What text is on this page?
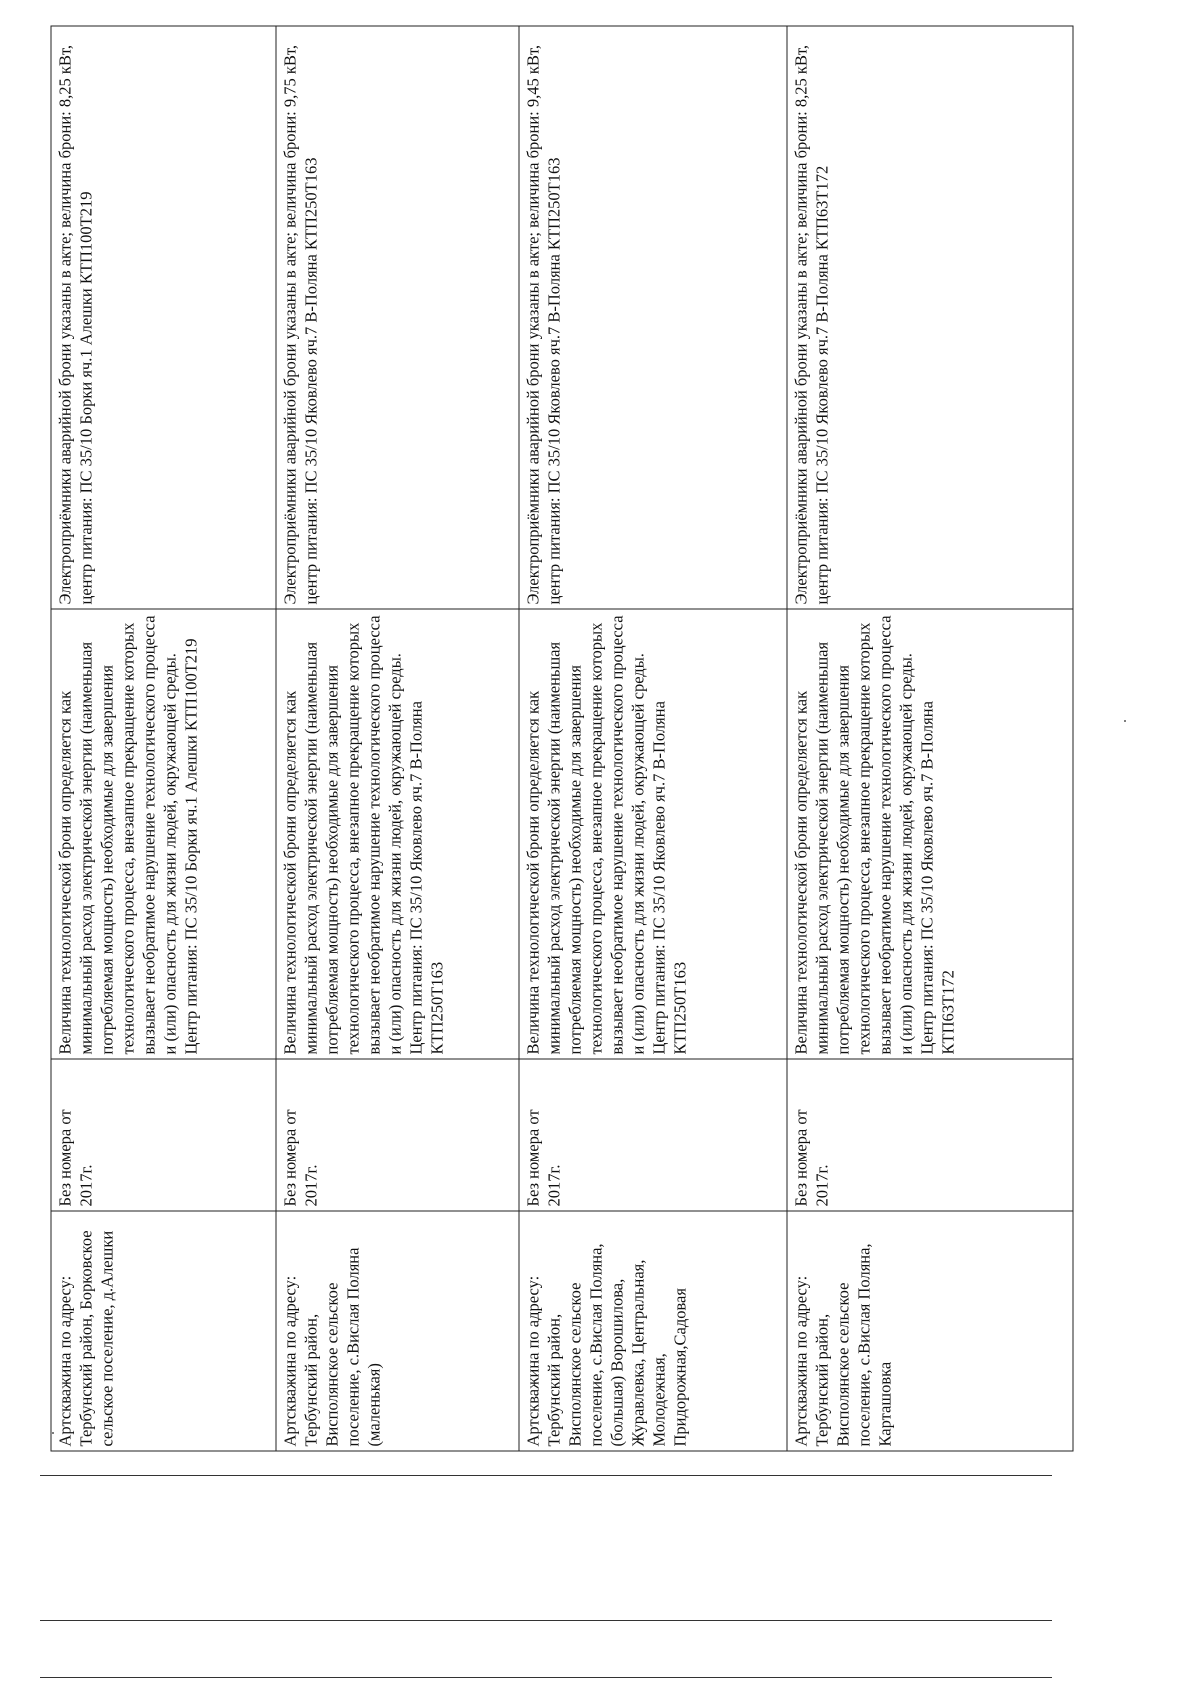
Артскважина по адресу: Тербунский район, Борковское сельское поселение, д.Алешки	Без номера от 2017г.	Величина технологической брони определяется как минимальный расход электрической энергии (наименьшая потребляемая мощность) необходимые для завершения технологического процесса, внезапное прекращение которых вызывает необратимое нарушение технологического процесса и (или) опасность для жизни людей, окружающей среды. Центр питания: ПС 35/10 Борки яч.1 Алешки КТП100Т219	Электроприёмники аварийной брони указаны в акте; величина брони: 8,25 кВт, центр питания: ПС 35/10 Борки яч.1 Алешки КТП100Т219
Артскважина по адресу: Тербунский район, Висполянское сельское поселение, с.Вислая Поляна (маленькая)	Без номера от 2017г.	Величина технологической брони определяется как минимальный расход электрической энергии (наименьшая потребляемая мощность) необходимые для завершения технологического процесса, внезапное прекращение которых вызывает необратимое нарушение технологического процесса и (или) опасность для жизни людей, окружающей среды. Центр питания: ПС 35/10 Яковлево яч.7 В-Поляна КТП250Т163	Электроприёмники аварийной брони указаны в акте; величина брони: 9,75 кВт, центр питания: ПС 35/10 Яковлево яч.7 В-Поляна КТП250Т163
Артскважина по адресу: Тербунский район, Висполянское сельское поселение, с.Вислая Поляна, (большая) Ворошилова, Журавлевка, Центральная, Молодежная, Придорожная,Садовая	Без номера от 2017г.	Величина технологической брони определяется как минимальный расход электрической энергии (наименьшая потребляемая мощность) необходимые для завершения технологического процесса, внезапное прекращение которых вызывает необратимое нарушение технологического процесса и (или) опасность для жизни людей, окружающей среды. Центр питания: ПС 35/10 Яковлево яч.7 В-Поляна КТП250Т163	Электроприёмники аварийной брони указаны в акте; величина брони: 9,45 кВт, центр питания: ПС 35/10 Яковлево яч.7 В-Поляна КТП250Т163
Артскважина по адресу: Тербунский район, Висполянское сельское поселение, с.Вислая Поляна, Карташовка	Без номера от 2017г.	Величина технологической брони определяется как минимальный расход электрической энергии (наименьшая потребляемая мощность) необходимые для завершения технологического процесса, внезапное прекращение которых вызывает необратимое нарушение технологического процесса и (или) опасность для жизни людей, окружающей среды. Центр питания: ПС 35/10 Яковлево яч.7 В-Поляна КТП63Т172	Электроприёмники аварийной брони указаны в акте; величина брони: 8,25 кВт, центр питания: ПС 35/10 Яковлево яч.7 В-Поляна КТП63Т172
